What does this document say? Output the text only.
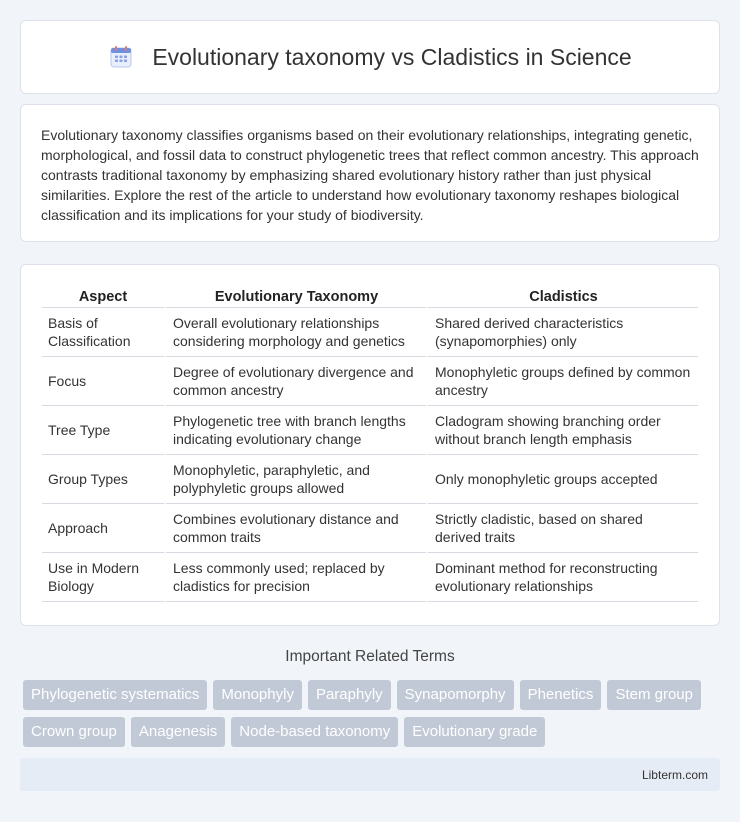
Evolutionary taxonomy vs Cladistics in Science

Evolutionary taxonomy classifies organisms based on their evolutionary relationships, integrating genetic, morphological, and fossil data to construct phylogenetic trees that reflect common ancestry. This approach contrasts traditional taxonomy by emphasizing shared evolutionary history rather than just physical similarities. Explore the rest of the article to understand how evolutionary taxonomy reshapes biological classification and its implications for your study of biodiversity.

Aspect	Evolutionary Taxonomy	Cladistics
Basis of Classification	Overall evolutionary relationships considering morphology and genetics	Shared derived characteristics (synapomorphies) only
Focus	Degree of evolutionary divergence and common ancestry	Monophyletic groups defined by common ancestry
Tree Type	Phylogenetic tree with branch lengths indicating evolutionary change	Cladogram showing branching order without branch length emphasis
Group Types	Monophyletic, paraphyletic, and polyphyletic groups allowed	Only monophyletic groups accepted
Approach	Combines evolutionary distance and common traits	Strictly cladistic, based on shared derived traits
Use in Modern Biology	Less commonly used; replaced by cladistics for precision	Dominant method for reconstructing evolutionary relationships
Important Related Terms
Phylogenetic systematics	Monophyly	Paraphyly	Synapomorphy	Phenetics	Stem group
Crown group	Anagenesis	Node-based taxonomy	Evolutionary grade
Libterm.com
